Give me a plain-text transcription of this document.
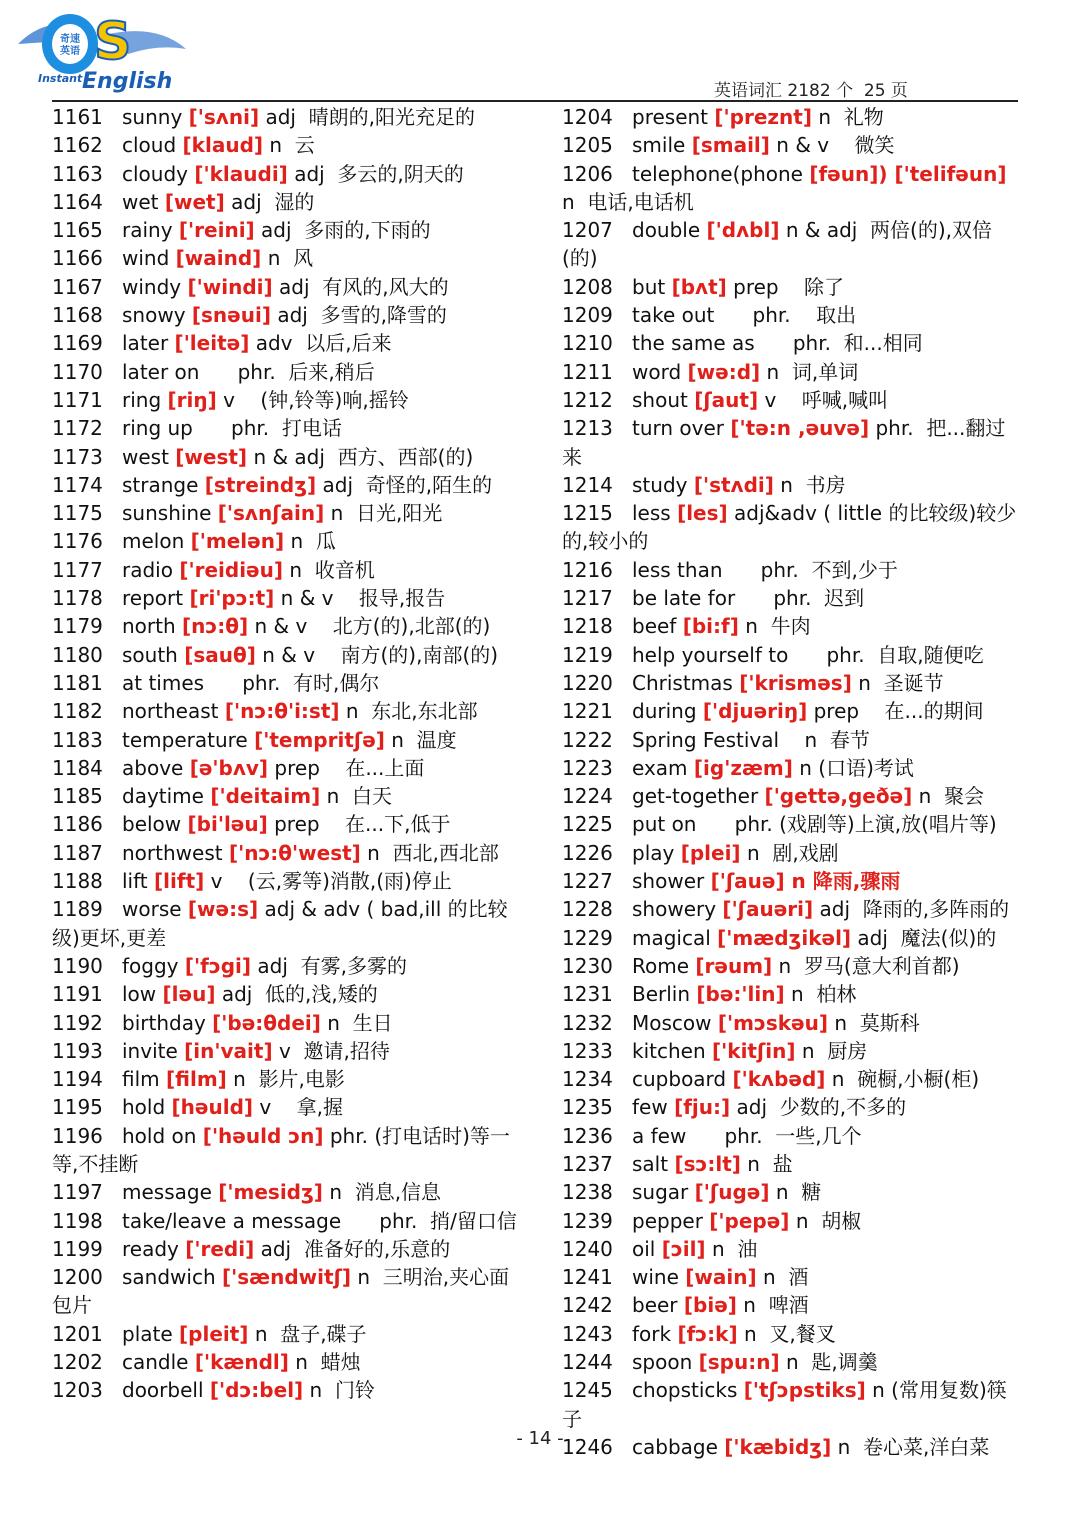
奇速
英语 S
Instant English	英语词汇 2182 个  25 页
1161 sunny ['sʌni] adj  晴朗的,阳光充足的
1162 cloud [klaud] n  云
1163 cloudy ['klaudi] adj  多云的,阴天的
1164 wet [wet] adj  湿的
1165 rainy ['reini] adj  多雨的,下雨的
1166 wind [waind] n  风
1167 windy ['windi] adj  有风的,风大的
1168 snowy [snəui] adj  多雪的,降雪的
1169 later ['leitə] adv  以后,后来
1170 later on      phr.  后来,稍后
1171 ring [riŋ] v    (钟,铃等)响,摇铃
1172 ring up      phr.  打电话
1173 west [west] n & adj  西方、西部(的)
1174 strange [streindʒ] adj  奇怪的,陌生的
1175 sunshine ['sʌnʃain] n  日光,阳光
1176 melon ['melən] n  瓜
1177 radio ['reidiəu] n  收音机
1178 report [ri'pɔ:t] n & v    报导,报告
1179 north [nɔ:θ] n & v    北方(的),北部(的)
1180 south [sauθ] n & v    南方(的),南部(的)
1181 at times      phr.  有时,偶尔
1182 northeast ['nɔ:θ'i:st] n  东北,东北部
1183 temperature ['tempritʃə] n  温度
1184 above [ə'bʌv] prep    在...上面
1185 daytime ['deitaim] n  白天
1186 below [bi'ləu] prep    在...下,低于
1187 northwest ['nɔ:θ'west] n  西北,西北部
1188 lift [lift] v    (云,雾等)消散,(雨)停止
1189 worse [wə:s] adj & adv ( bad,ill 的比较级)更坏,更差
1190 foggy ['fɔgi] adj  有雾,多雾的
1191 low [ləu] adj  低的,浅,矮的
1192 birthday ['bə:θdei] n  生日
1193 invite [in'vait] v  邀请,招待
1194 film [film] n  影片,电影
1195 hold [həuld] v    拿,握
1196 hold on ['həuld ɔn] phr. (打电话时)等一等,不挂断
1197 message ['mesidʒ] n  消息,信息
1198 take/leave a message      phr.  捎/留口信
1199 ready ['redi] adj  准备好的,乐意的
1200 sandwich ['sændwitʃ] n  三明治,夹心面包片
1201 plate [pleit] n  盘子,碟子
1202 candle ['kændl] n  蜡烛
1203 doorbell ['dɔ:bel] n  门铃
1204 present ['preznt] n  礼物
1205 smile [smail] n & v    微笑
1206 telephone(phone [fəun]) ['telifəun] n  电话,电话机
1207 double ['dʌbl] n & adj  两倍(的),双倍(的)
1208 but [bʌt] prep    除了
1209 take out      phr.    取出
1210 the same as      phr.  和...相同
1211 word [wə:d] n  词,单词
1212 shout [ʃaut] v    呼喊,喊叫
1213 turn over ['tə:n ,əuvə] phr.  把...翻过来
1214 study ['stʌdi] n  书房
1215 less [les] adj&adv ( little 的比较级)较少的,较小的
1216 less than      phr.  不到,少于
1217 be late for      phr.  迟到
1218 beef [bi:f] n  牛肉
1219 help yourself to      phr.  自取,随便吃
1220 Christmas ['krisməs] n  圣诞节
1221 during ['djuəriŋ] prep    在...的期间
1222 Spring Festival    n  春节
1223 exam [ig'zæm] n (口语)考试
1224 get-together ['gettə,geðə] n  聚会
1225 put on      phr. (戏剧等)上演,放(唱片等)
1226 play [plei] n  剧,戏剧
1227 shower ['ʃauə] n 降雨,骤雨
1228 showery ['ʃauəri] adj  降雨的,多阵雨的
1229 magical ['mædʒikəl] adj  魔法(似)的
1230 Rome [rəum] n  罗马(意大利首都)
1231 Berlin [bə:'lin] n  柏林
1232 Moscow ['mɔskəu] n  莫斯科
1233 kitchen ['kitʃin] n  厨房
1234 cupboard ['kʌbəd] n  碗橱,小橱(柜)
1235 few [fju:] adj  少数的,不多的
1236 a few      phr.  一些,几个
1237 salt [sɔ:lt] n  盐
1238 sugar ['ʃugə] n  糖
1239 pepper ['pepə] n  胡椒
1240 oil [ɔil] n  油
1241 wine [wain] n  酒
1242 beer [biə] n  啤酒
1243 fork [fɔ:k] n  叉,餐叉
1244 spoon [spu:n] n  匙,调羹
1245 chopsticks ['tʃɔpstiks] n (常用复数)筷子
1246 cabbage ['kæbidʒ] n  卷心菜,洋白菜
- 14 -
